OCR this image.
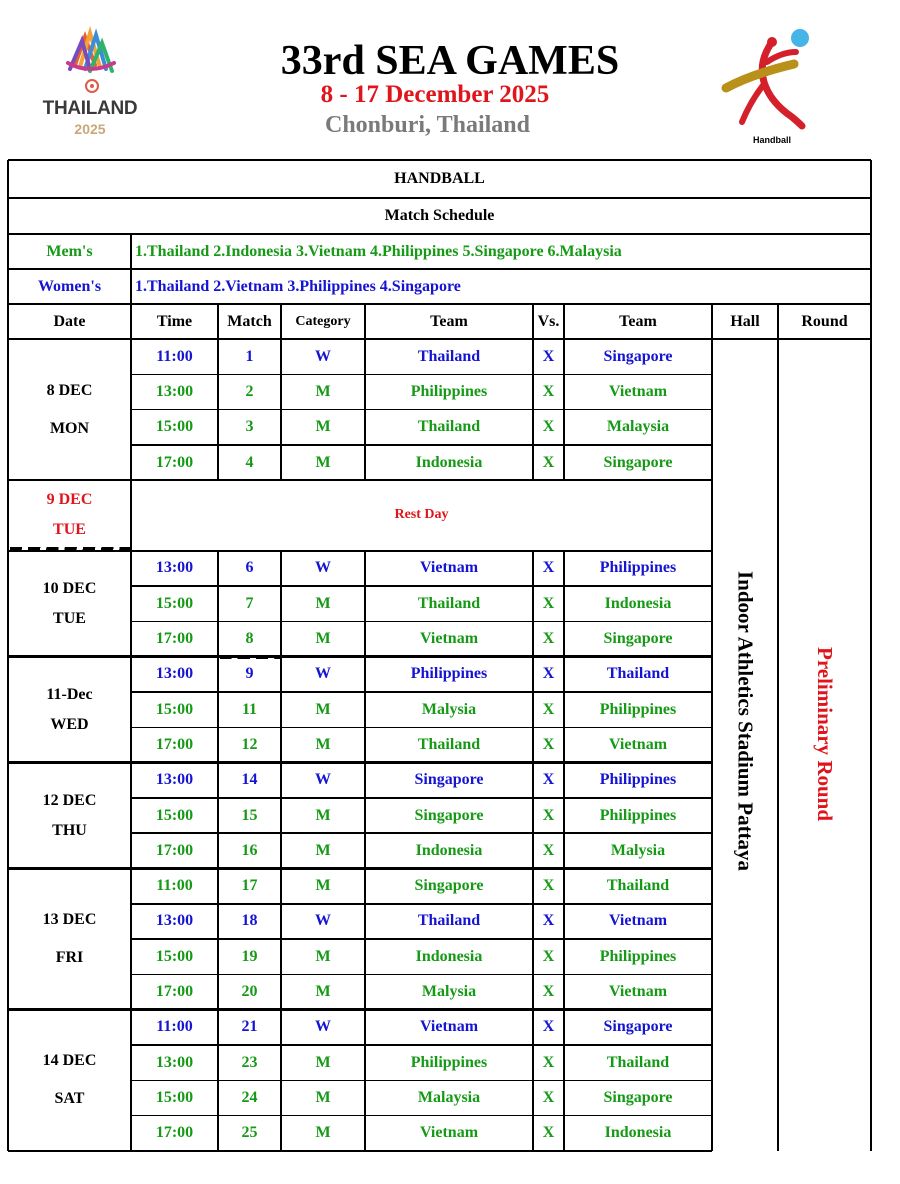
THAILAND
2025
33rd SEA GAMES
8 - 17 December 2025
Chonburi, Thailand
Handball
HANDBALL
Match Schedule
Mem's	1.Thailand 2.Indonesia 3.Vietnam 4.Philippines 5.Singapore 6.Malaysia
Women's	1.Thailand 2.Vietnam 3.Philippines 4.Singapore
Date	Time	Match	Category	Team	Vs.	Team	Hall	Round
8 DEC
MON
11:00	1	W	Thailand	X	Singapore
13:00	2	M	Philippines	X	Vietnam
15:00	3	M	Thailand	X	Malaysia
17:00	4	M	Indonesia	X	Singapore
9 DEC
TUE
Rest Day
10 DEC
TUE
13:00	6	W	Vietnam	X	Philippines
15:00	7	M	Thailand	X	Indonesia
17:00	8	M	Vietnam	X	Singapore
11-Dec
WED
13:00	9	W	Philippines	X	Thailand
15:00	11	M	Malysia	X	Philippines
17:00	12	M	Thailand	X	Vietnam
12 DEC
THU
13:00	14	W	Singapore	X	Philippines
15:00	15	M	Singapore	X	Philippines
17:00	16	M	Indonesia	X	Malysia
13 DEC
FRI
11:00	17	M	Singapore	X	Thailand
13:00	18	W	Thailand	X	Vietnam
15:00	19	M	Indonesia	X	Philippines
17:00	20	M	Malysia	X	Vietnam
14 DEC
SAT
11:00	21	W	Vietnam	X	Singapore
13:00	23	M	Philippines	X	Thailand
15:00	24	M	Malaysia	X	Singapore
17:00	25	M	Vietnam	X	Indonesia
Indoor Athletics Stadium Pattaya	Preliminary Round
